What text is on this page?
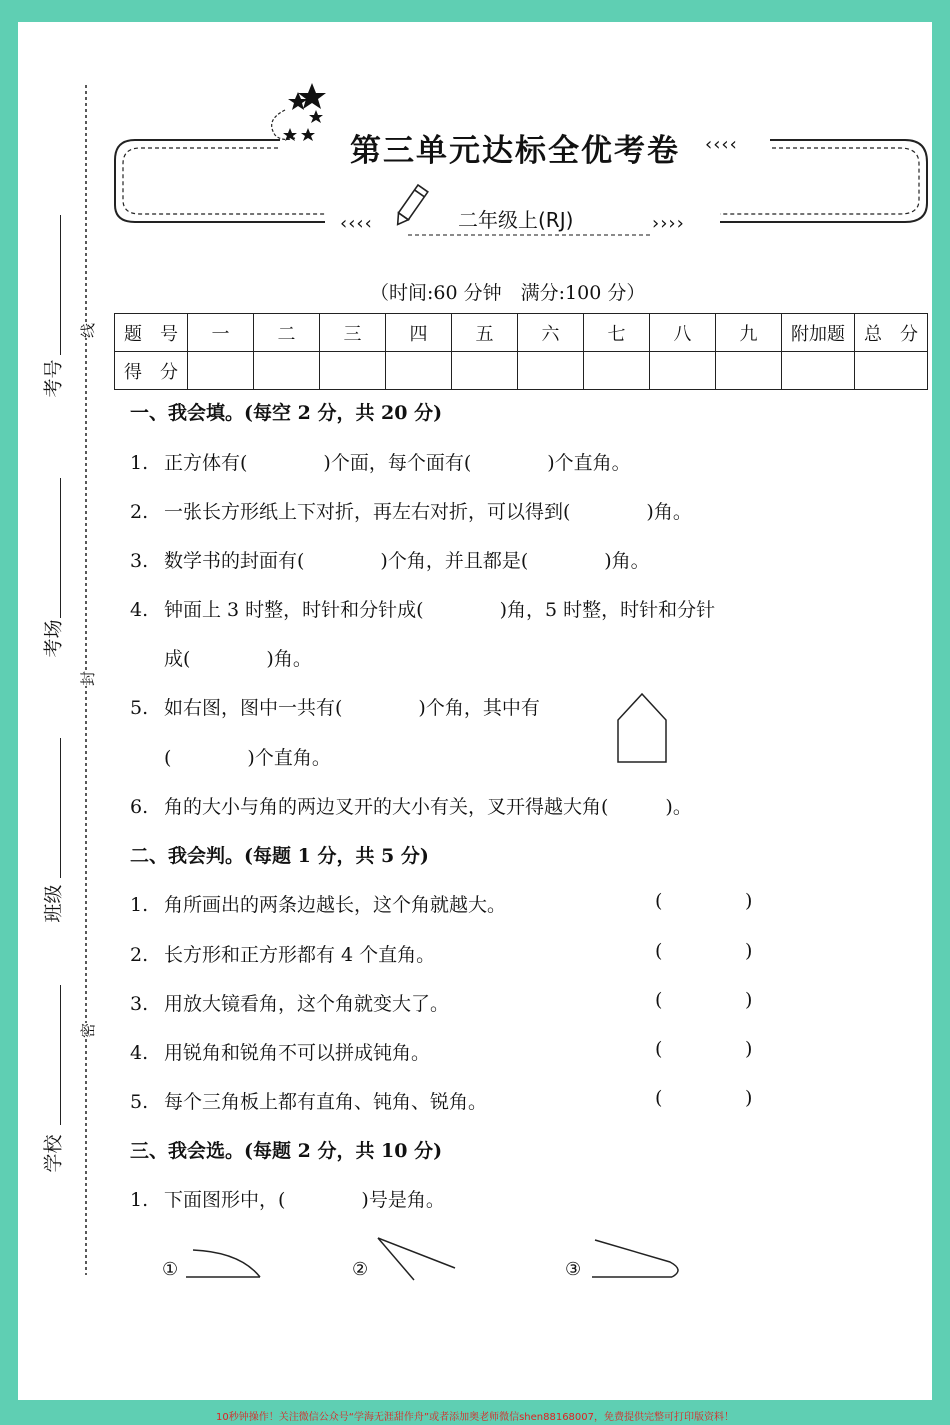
考号
考场
班级
学校
线
封
密
第三单元达标全优考卷 ‹‹‹‹
‹‹‹‹	››››
二年级上(RJ)
（时间:60 分钟　满分:100 分）
题　号	一	二	三	四	五	六	七	八	九	附加题	总　分
得　分											
一、我会填。(每空 2 分，共 20 分)
1. 正方体有(　　　　)个面，每个面有(　　　　)个直角。
2. 一张长方形纸上下对折，再左右对折，可以得到(　　　　)角。
3. 数学书的封面有(　　　　)个角，并且都是(　　　　)角。
4. 钟面上 3 时整，时针和分针成(　　　　)角，5 时整，时针和分针
成(　　　　)角。
5. 如右图，图中一共有(　　　　)个角，其中有
(　　　　)个直角。
6. 角的大小与角的两边叉开的大小有关，叉开得越大角(　　　)。
二、我会判。(每题 1 分，共 5 分)
1. 角所画出的两条边越长，这个角就越大。	(	)
2. 长方形和正方形都有 4 个直角。	(	)
3. 用放大镜看角，这个角就变大了。	(	)
4. 用锐角和锐角不可以拼成钝角。	(	)
5. 每个三角板上都有直角、钝角、锐角。	(	)
三、我会选。(每题 2 分，共 10 分)
1. 下面图形中，(　　　　)号是角。
①	②	③
10秒钟操作！关注微信公众号“学海无涯甜作舟”或者添加奥老师微信shen88168007，免费提供完整可打印版资料！
